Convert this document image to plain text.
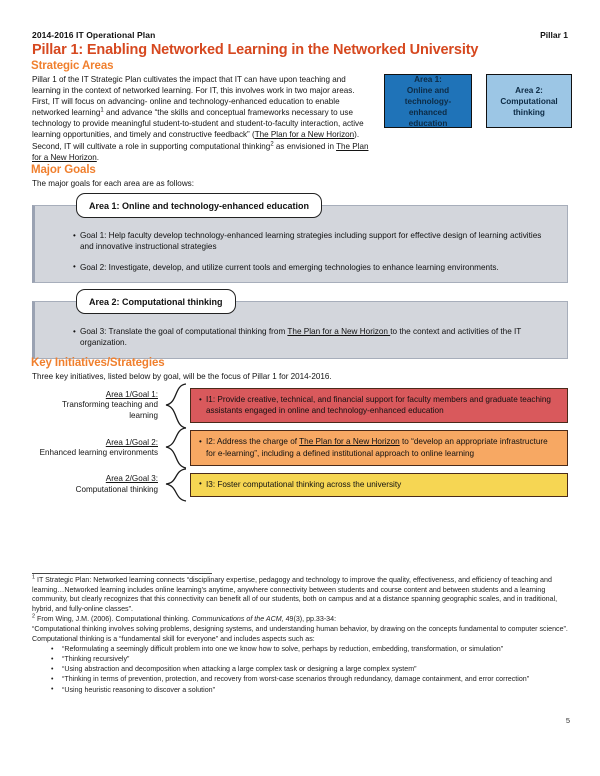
2014-2016 IT Operational Plan	Pillar 1
Pillar 1: Enabling Networked Learning in the Networked University
Strategic Areas
Pillar 1 of the IT Strategic Plan cultivates the impact that IT can have upon teaching and learning in the context of networked learning. For IT, this involves work in two major areas. First, IT will focus on advancing- online and technology-enhanced education to enable networked learning$^1$ and advance “the skills and conceptual frameworks necessary to use technology to provide meaningful student-to-student and student-to-faculty interaction, active learning opportunities, and timely and constructive feedback” (The Plan for a New Horizon). Second, IT will cultivate a role in supporting computational thinking$^2$ as envisioned in The Plan for a New Horizon.
Area 1:
Online and technology-enhanced education
Area 2:
Computational thinking
Major Goals
The major goals for each area are as follows:
• Goal 1: Help faculty develop technology-enhanced learning strategies including support for effective design of learning activities and innovative instructional strategies
• Goal 2: Investigate, develop, and utilize current tools and emerging technologies to enhance learning environments.
Area 1: Online and technology-enhanced education
• Goal 3: Translate the goal of computational thinking from The Plan for a New Horizon to the context and activities of the IT organization.
Area 2: Computational thinking
Key Initiatives/Strategies
Three key initiatives, listed below by goal, will be the focus of Pillar 1 for 2014-2016.
Area 1/Goal 1:
Transforming teaching and learning
• I1: Provide creative, technical, and financial support for faculty members and graduate teaching assistants engaged in online and technology-enhanced education
Area 1/Goal 2:
Enhanced learning environments
• I2: Address the charge of The Plan for a New Horizon to “develop an appropriate infrastructure for e-learning”, including a defined institutional approach to online learning
Area 2/Goal 3:
Computational thinking
• I3: Foster computational thinking across the university

$^1$ IT Strategic Plan: Networked learning connects “disciplinary expertise, pedagogy and technology to improve the quality, effectiveness, and efficiency of teaching and learning…Networked learning includes online learning’s anytime, anywhere connectivity between students and course content and between students and a learning community, but clearly recognizes that this connectivity can benefit all of our students, both on campus and at a distance spanning geographic scales, and in traditional, hybrid, and fully-online classes”.

$^2$ From Wing, J.M. (2006). Computational thinking. Communications of the ACM, 49(3), pp.33-34:

“Computational thinking involves solving problems, designing systems, and understanding human behavior, by drawing on the concepts fundamental to computer science”. Computational thinking is a “fundamental skill for everyone” and includes aspects such as:

• “Reformulating a seemingly difficult problem into one we know how to solve, perhaps by reduction, embedding, transformation, or simulation”
• “Thinking recursively”
• “Using abstraction and decomposition when attacking a large complex task or designing a large complex system”
• “Thinking in terms of prevention, protection, and recovery from worst-case scenarios through redundancy, damage containment, and error correction”
• “Using heuristic reasoning to discover a solution”
5
